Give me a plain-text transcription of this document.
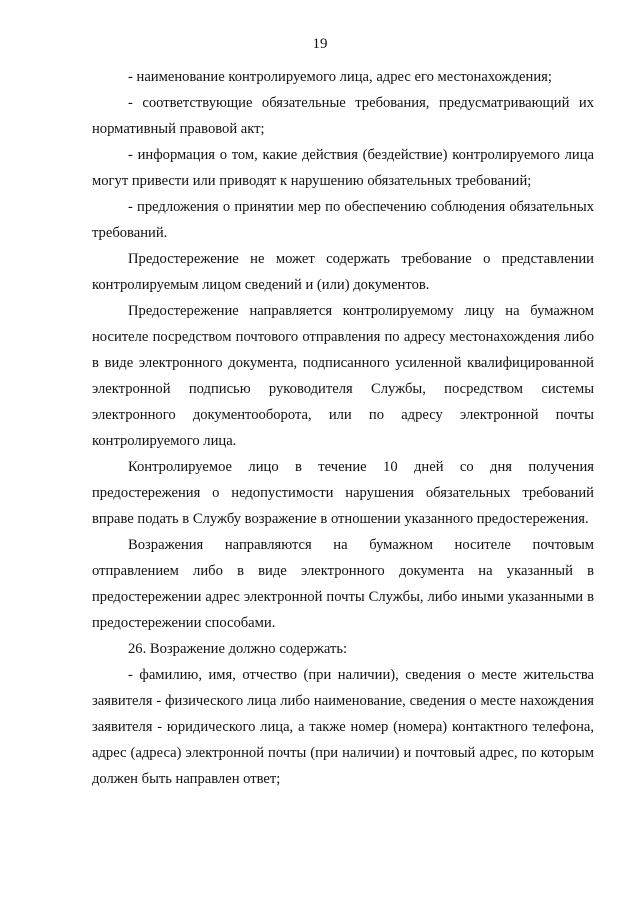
19

- наименование контролируемого лица, адрес его местонахождения;

- соответствующие обязательные требования, предусматривающий их нормативный правовой акт;

- информация о том, какие действия (бездействие) контролируемого лица могут привести или приводят к нарушению обязательных требований;

- предложения о принятии мер по обеспечению соблюдения обязательных требований.

Предостережение не может содержать требование о представлении контролируемым лицом сведений и (или) документов.

Предостережение направляется контролируемому лицу на бумажном носителе посредством почтового отправления по адресу местонахождения либо в виде электронного документа, подписанного усиленной квалифицированной электронной подписью руководителя Службы, посредством системы электронного документооборота, или по адресу электронной почты контролируемого лица.

Контролируемое лицо в течение 10 дней со дня получения предостережения о недопустимости нарушения обязательных требований вправе подать в Службу возражение в отношении указанного предостережения.

Возражения направляются на бумажном носителе почтовым отправлением либо в виде электронного документа на указанный в предостережении адрес электронной почты Службы, либо иными указанными в предостережении способами.

26. Возражение должно содержать:

- фамилию, имя, отчество (при наличии), сведения о месте жительства заявителя - физического лица либо наименование, сведения о месте нахождения заявителя - юридического лица, а также номер (номера) контактного телефона, адрес (адреса) электронной почты (при наличии) и почтовый адрес, по которым должен быть направлен ответ;
